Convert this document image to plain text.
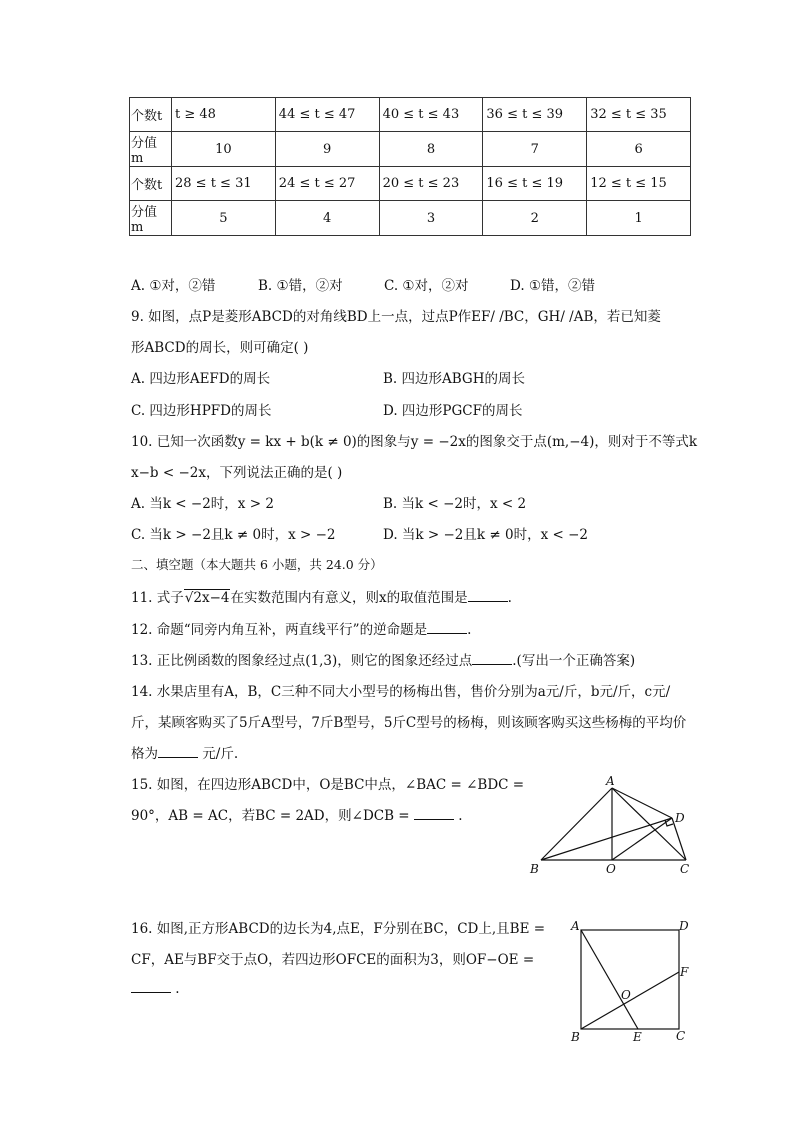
个数t	t ≥ 48	44 ≤ t ≤ 47	40 ≤ t ≤ 43	36 ≤ t ≤ 39	32 ≤ t ≤ 35
分值m	10	9	8	7	6
个数t	28 ≤ t ≤ 31	24 ≤ t ≤ 27	20 ≤ t ≤ 23	16 ≤ t ≤ 19	12 ≤ t ≤ 15
分值m	5	4	3	2	1
A. ①对，②错	B. ①错，②对	C. ①对，②对	D. ①错，②错
9. 如图，点P是菱形ABCD的对角线BD上一点，过点P作EF/ /BC，GH/ /AB，若已知菱
形ABCD的周长，则可确定( )
A. 四边形AEFD的周长	B. 四边形ABGH的周长
C. 四边形HPFD的周长	D. 四边形PGCF的周长
10. 已知一次函数y = kx + b(k ≠ 0)的图象与y = −2x的图象交于点(m,−4)，则对于不等式k
x−b < −2x，下列说法正确的是( )
A. 当k < −2时，x > 2	B. 当k < −2时，x < 2
C. 当k > −2且k ≠ 0时，x > −2	D. 当k > −2且k ≠ 0时，x < −2
二、填空题（本大题共 6 小题，共 24.0 分）
11. 式子√2x−4在实数范围内有意义，则x的取值范围是	.
12. 命题“同旁内角互补，两直线平行”的逆命题是	.
13. 正比例函数的图象经过点(1,3)，则它的图象还经过点	.(写出一个正确答案)
14. 水果店里有A，B，C三种不同大小型号的杨梅出售，售价分别为a元/斤，b元/斤，c元/
斤，某顾客购买了5斤A型号，7斤B型号，5斤C型号的杨梅，则该顾客购买这些杨梅的平均价
格为	元/斤.
15. 如图，在四边形ABCD中，O是BC中点，∠BAC = ∠BDC =
90°，AB = AC，若BC = 2AD，则∠DCB =	.
A
B	O	C
D
16. 如图,正方形ABCD的边长为4,点E，F分别在BC，CD上,且BE =
CF，AE与BF交于点O，若四边形OFCE的面积为3，则OF−OE =
.
A	D
B	C
E
F
O
